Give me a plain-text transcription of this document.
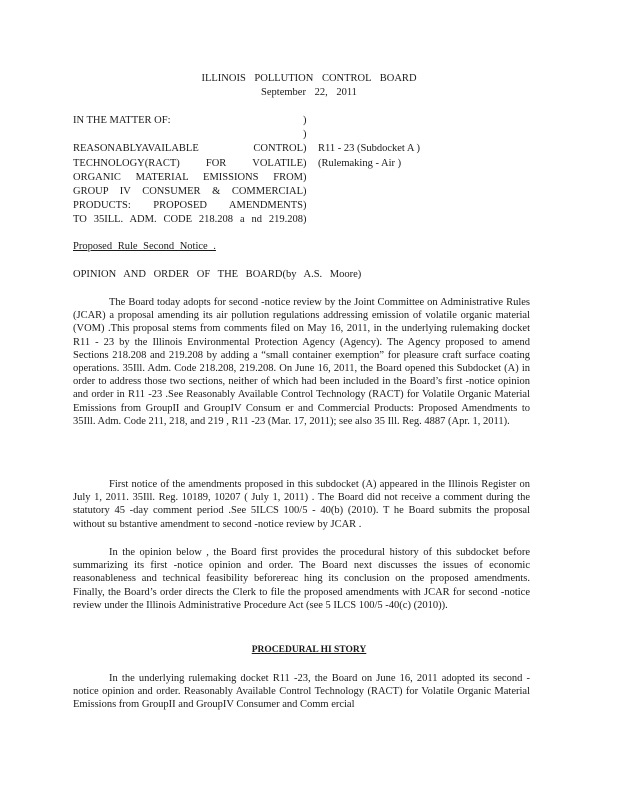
ILLINOIS POLLUTION CONTROL BOARD
September 22, 2011
IN THE MATTER OF:
REASONABLYAVAILABLE CONTROL
TECHNOLOGY(RACT) FOR VOLATILE
ORGANIC MATERIAL EMISSIONS FROM
GROUP IV CONSUMER & COMMERCIAL
PRODUCTS: PROPOSED AMENDMENTS
TO 35ILL. ADM. CODE 218.208 a nd 219.208
)
)
)
)
)
)
)
)
R11 - 23 (Subdocket A )
(Rulemaking - Air )
Proposed Rule Second Notice .
OPINION AND ORDER OF THE BOARD(by A.S. Moore)

The Board today adopts for second -notice review by the Joint Committee on Administrative Rules (JCAR) a proposal amending its air pollution regulations addressing emission of volatile organic material (VOM) .This proposal stems from comments filed on May 16, 2011, in the underlying rulemaking docket R11 - 23 by the Illinois Environmental Protection Agency (Agency). The Agency proposed to amend Sections 218.208 and 219.208 by adding a “small container exemption” for pleasure craft surface coating operations. 35Ill. Adm. Code 218.208, 219.208. On June 16, 2011, the Board opened this Subdocket (A) in order to address those two sections, neither of which had been included in the Board’s first -notice opinion and order in R11 -23 .See Reasonably Available Control Technology (RACT) for Volatile Organic Material Emissions from GroupII and GroupIV Consum er and Commercial Products: Proposed Amendments to 35Ill. Adm. Code 211, 218, and 219 , R11 -23 (Mar. 17, 2011); see also 35 Ill. Reg. 4887 (Apr. 1, 2011).

First notice of the amendments proposed in this subdocket (A) appeared in the Illinois Register on July 1, 2011. 35Ill. Reg. 10189, 10207 ( July 1, 2011) . The Board did not receive a comment during the statutory 45 -day comment period .See 5ILCS 100/5 - 40(b) (2010). T he Board submits the proposal without su bstantive amendment to second -notice review by JCAR .

In the opinion below , the Board first provides the procedural history of this subdocket before summarizing its first -notice opinion and order. The Board next discusses the issues of economic reasonableness and technical feasibility beforereac hing its conclusion on the proposed amendments. Finally, the Board’s order directs the Clerk to file the proposed amendments with JCAR for second -notice review under the Illinois Administrative Procedure Act (see 5 ILCS 100/5 -40(c) (2010)).

PROCEDURAL HI STORY

In the underlying rulemaking docket R11 -23, the Board on June 16, 2011 adopted its second -notice opinion and order. Reasonably Available Control Technology (RACT) for Volatile Organic Material Emissions from GroupII and GroupIV Consumer and Comm ercial
